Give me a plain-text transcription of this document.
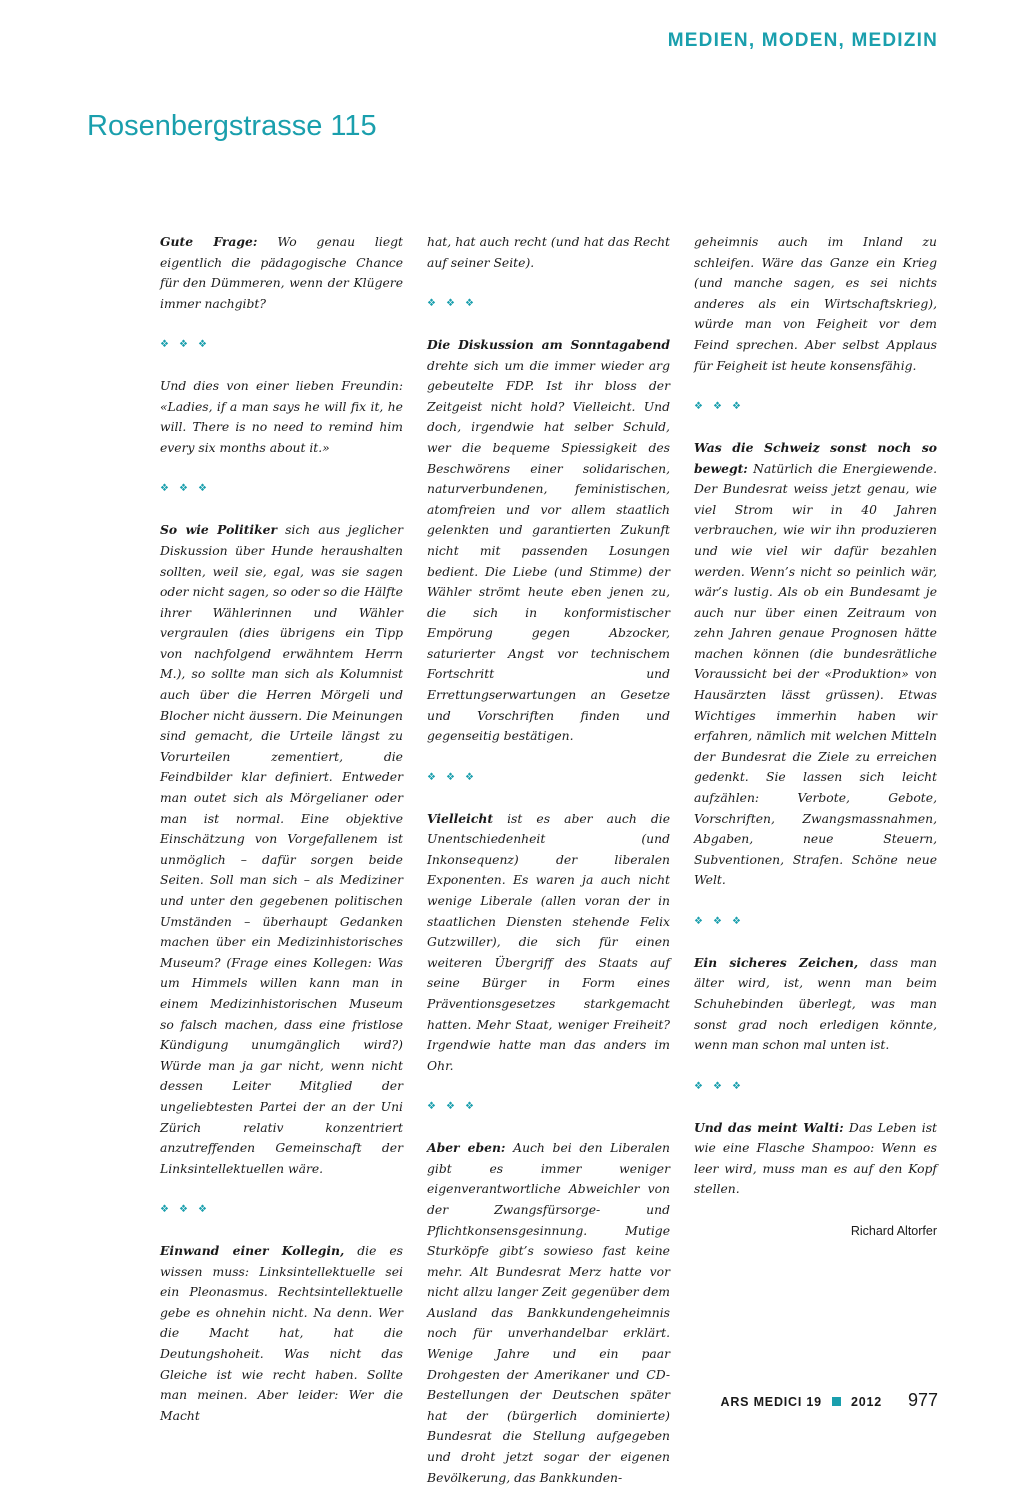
MEDIEN, MODEN, MEDIZIN
Rosenbergstrasse 115

Gute Frage: Wo genau liegt eigentlich die pädagogische Chance für den Dümmeren, wenn der Klügere immer nachgibt?

❖ ❖ ❖

Und dies von einer lieben Freundin: «Ladies, if a man says he will fix it, he will. There is no need to remind him every six months about it.»

❖ ❖ ❖

So wie Politiker sich aus jeglicher Diskussion über Hunde heraushalten sollten, weil sie, egal, was sie sagen oder nicht sagen, so oder so die Hälfte ihrer Wählerinnen und Wähler vergraulen (dies übrigens ein Tipp von nachfolgend erwähntem Herrn M.), so sollte man sich als Kolumnist auch über die Herren Mörgeli und Blocher nicht äussern. Die Meinungen sind gemacht, die Urteile längst zu Vorurteilen zementiert, die Feindbilder klar definiert. Entweder man outet sich als Mörgelianer oder man ist normal. Eine objektive Einschätzung von Vorgefallenem ist unmöglich – dafür sorgen beide Seiten. Soll man sich – als Mediziner und unter den gegebenen politischen Umständen – überhaupt Gedanken machen über ein Medizinhistorisches Museum? (Frage eines Kollegen: Was um Himmels willen kann man in einem Medizinhistorischen Museum so falsch machen, dass eine fristlose Kündigung unumgänglich wird?) Würde man ja gar nicht, wenn nicht dessen Leiter Mitglied der ungeliebtesten Partei der an der Uni Zürich relativ konzentriert anzutreffenden Gemeinschaft der Linksintellektuellen wäre.

❖ ❖ ❖

Einwand einer Kollegin, die es wissen muss: Linksintellektuelle sei ein Pleonasmus. Rechtsintellektuelle gebe es ohnehin nicht. Na denn. Wer die Macht hat, hat die Deutungshoheit. Was nicht das Gleiche ist wie recht haben. Sollte man meinen. Aber leider: Wer die Macht

hat, hat auch recht (und hat das Recht auf seiner Seite).

❖ ❖ ❖

Die Diskussion am Sonntagabend drehte sich um die immer wieder arg gebeutelte FDP. Ist ihr bloss der Zeitgeist nicht hold? Vielleicht. Und doch, irgendwie hat selber Schuld, wer die bequeme Spiessigkeit des Beschwörens einer solidarischen, naturverbundenen, feministischen, atomfreien und vor allem staatlich gelenkten und garantierten Zukunft nicht mit passenden Losungen bedient. Die Liebe (und Stimme) der Wähler strömt heute eben jenen zu, die sich in konformistischer Empörung gegen Abzocker, saturierter Angst vor technischem Fortschritt und Errettungserwartungen an Gesetze und Vorschriften finden und gegenseitig bestätigen.

❖ ❖ ❖

Vielleicht ist es aber auch die Unentschiedenheit (und Inkonsequenz) der liberalen Exponenten. Es waren ja auch nicht wenige Liberale (allen voran der in staatlichen Diensten stehende Felix Gutzwiller), die sich für einen weiteren Übergriff des Staats auf seine Bürger in Form eines Präventionsgesetzes starkgemacht hatten. Mehr Staat, weniger Freiheit? Irgendwie hatte man das anders im Ohr.

❖ ❖ ❖

Aber eben: Auch bei den Liberalen gibt es immer weniger eigenverantwortliche Abweichler von der Zwangsfürsorge- und Pflichtkonsensgesinnung. Mutige Sturköpfe gibt’s sowieso fast keine mehr. Alt Bundesrat Merz hatte vor nicht allzu langer Zeit gegenüber dem Ausland das Bankkundengeheimnis noch für unverhandelbar erklärt. Wenige Jahre und ein paar Drohgesten der Amerikaner und CD-Bestellungen der Deutschen später hat der (bürgerlich dominierte) Bundesrat die Stellung aufgegeben und droht jetzt sogar der eigenen Bevölkerung, das Bankkunden-

geheimnis auch im Inland zu schleifen. Wäre das Ganze ein Krieg (und manche sagen, es sei nichts anderes als ein Wirtschaftskrieg), würde man von Feigheit vor dem Feind sprechen. Aber selbst Applaus für Feigheit ist heute konsensfähig.

❖ ❖ ❖

Was die Schweiz sonst noch so bewegt: Natürlich die Energiewende. Der Bundesrat weiss jetzt genau, wie viel Strom wir in 40 Jahren verbrauchen, wie wir ihn produzieren und wie viel wir dafür bezahlen werden. Wenn’s nicht so peinlich wär, wär’s lustig. Als ob ein Bundesamt je auch nur über einen Zeitraum von zehn Jahren genaue Prognosen hätte machen können (die bundesrätliche Voraussicht bei der «Produktion» von Hausärzten lässt grüssen). Etwas Wichtiges immerhin haben wir erfahren, nämlich mit welchen Mitteln der Bundesrat die Ziele zu erreichen gedenkt. Sie lassen sich leicht aufzählen: Verbote, Gebote, Vorschriften, Zwangsmassnahmen, Abgaben, neue Steuern, Subventionen, Strafen. Schöne neue Welt.

❖ ❖ ❖

Ein sicheres Zeichen, dass man älter wird, ist, wenn man beim Schuhebinden überlegt, was man sonst grad noch erledigen könnte, wenn man schon mal unten ist.

❖ ❖ ❖

Und das meint Walti: Das Leben ist wie eine Flasche Shampoo: Wenn es leer wird, muss man es auf den Kopf stellen.

Richard Altorfer
ARS MEDICI 19 2012 977
